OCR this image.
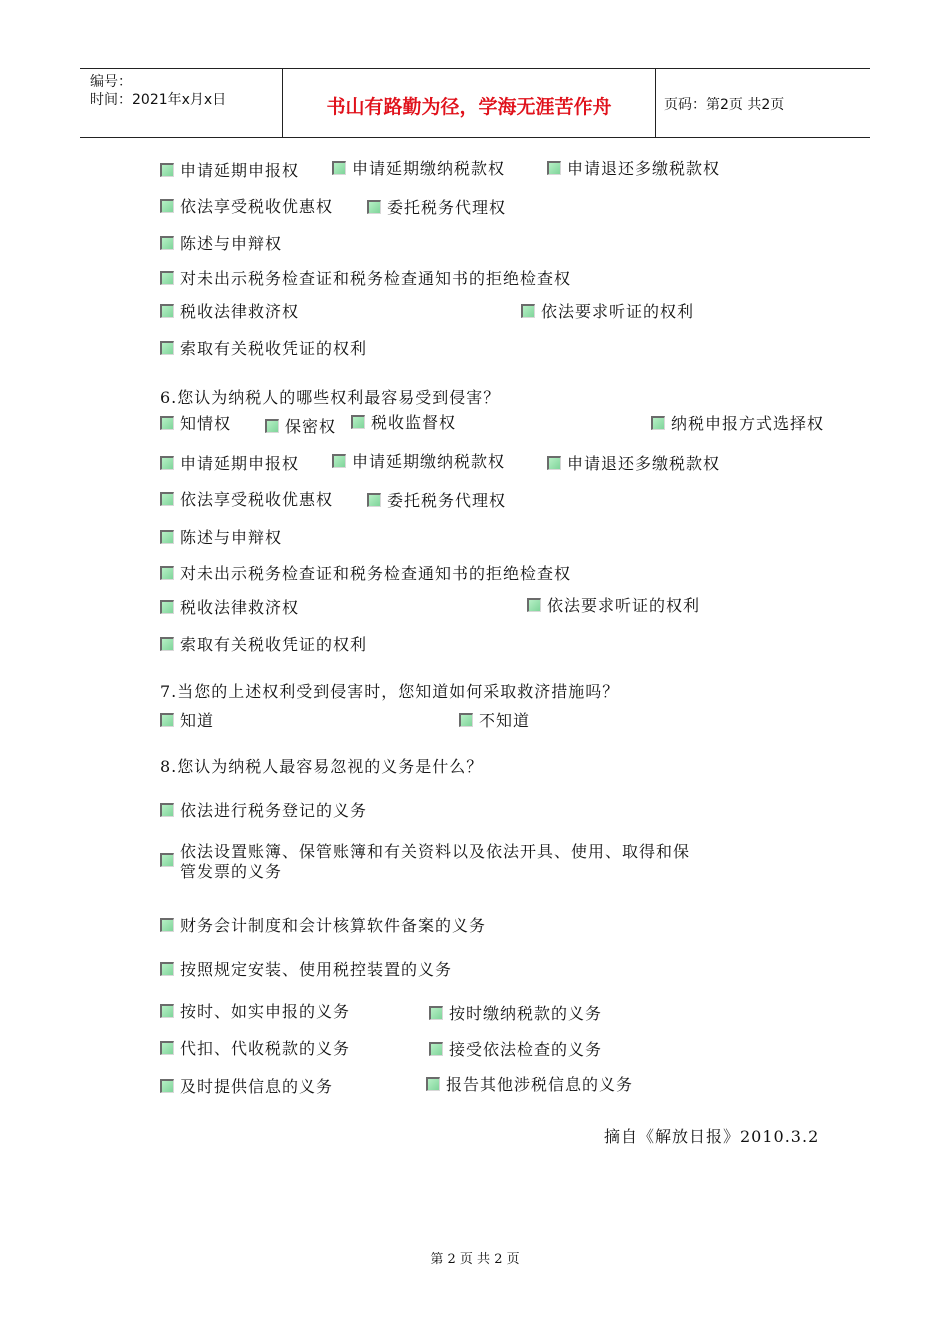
编号：
时间：2021年x月x日	书山有路勤为径，学海无涯苦作舟	页码：第2页 共2页
申请延期申报权	申请延期缴纳税款权	申请退还多缴税款权
依法享受税收优惠权	委托税务代理权
陈述与申辩权
对未出示税务检查证和税务检查通知书的拒绝检查权
税收法律救济权	依法要求听证的权利
索取有关税收凭证的权利
6.您认为纳税人的哪些权利最容易受到侵害？
知情权	保密权 税收监督权	纳税申报方式选择权
申请延期申报权	申请延期缴纳税款权	申请退还多缴税款权
依法享受税收优惠权	委托税务代理权
陈述与申辩权
对未出示税务检查证和税务检查通知书的拒绝检查权
税收法律救济权	依法要求听证的权利
索取有关税收凭证的权利
7.当您的上述权利受到侵害时，您知道如何采取救济措施吗？
知道	不知道
8.您认为纳税人最容易忽视的义务是什么？
依法进行税务登记的义务
依法设置账簿、保管账簿和有关资料以及依法开具、使用、取得和保
管发票的义务
财务会计制度和会计核算软件备案的义务
按照规定安装、使用税控装置的义务
按时、如实申报的义务	按时缴纳税款的义务
代扣、代收税款的义务	接受依法检查的义务
及时提供信息的义务	报告其他涉税信息的义务
摘自《解放日报》2010.3.2
第 2 页 共 2 页
